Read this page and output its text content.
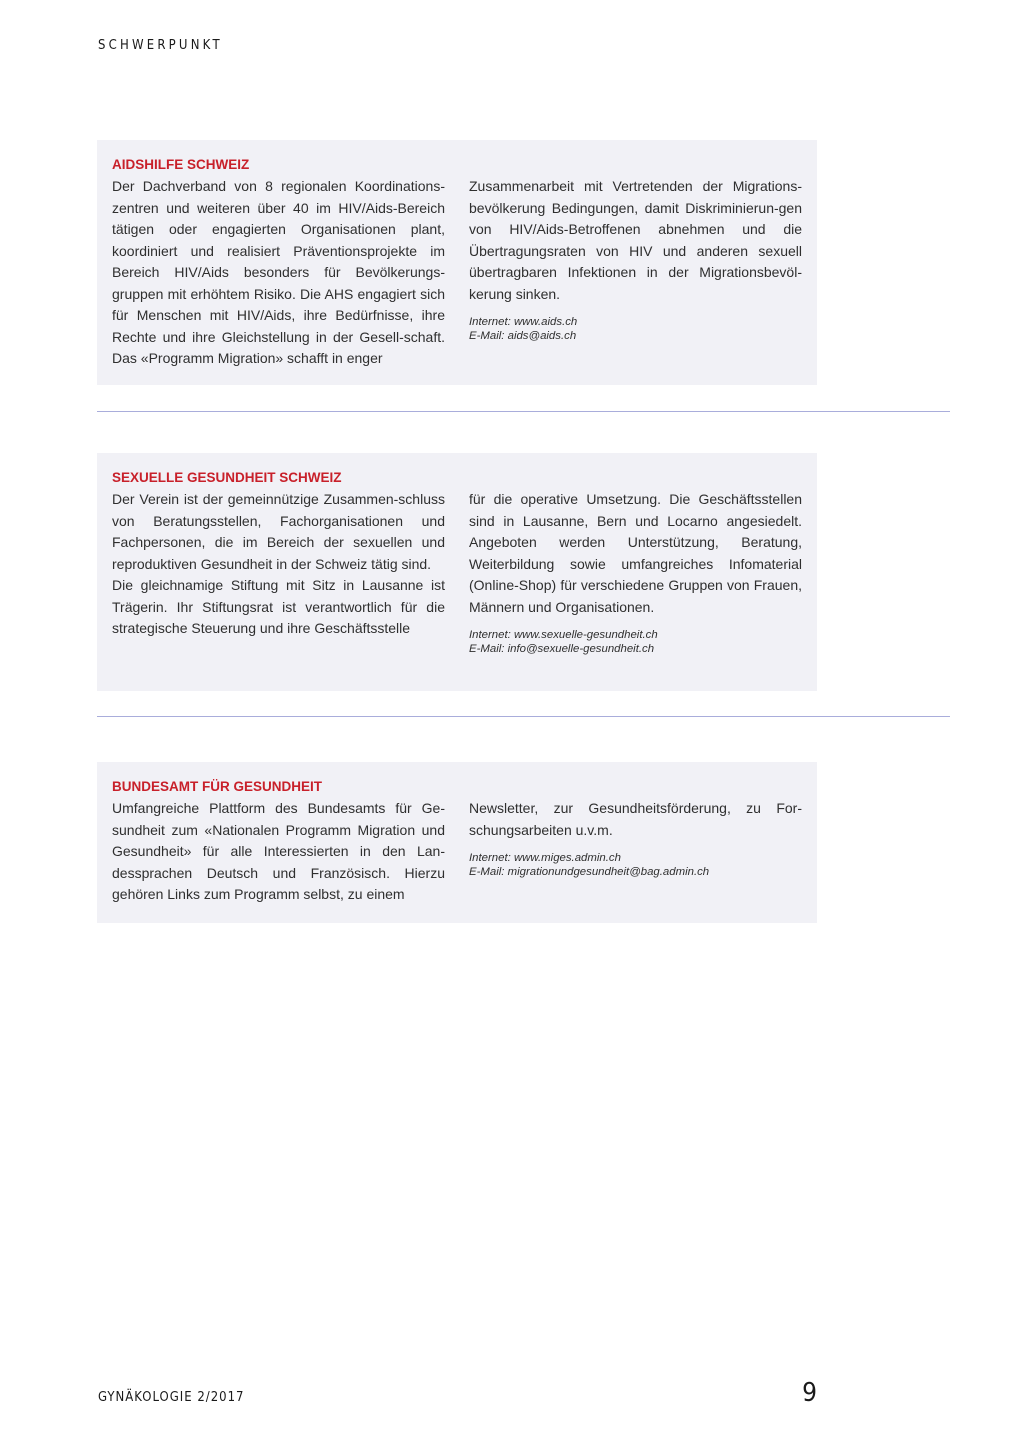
SCHWERPUNKT
AIDSHILFE SCHWEIZ

Der Dachverband von 8 regionalen Koordinations-zentren und weiteren über 40 im HIV/Aids-Bereich tätigen oder engagierten Organisationen plant, koordiniert und realisiert Präventionsprojekte im Bereich HIV/Aids besonders für Bevölkerungs-gruppen mit erhöhtem Risiko. Die AHS engagiert sich für Menschen mit HIV/Aids, ihre Bedürfnisse, ihre Rechte und ihre Gleichstellung in der Gesell-schaft. Das «Programm Migration» schafft in enger

Zusammenarbeit mit Vertretenden der Migrations-bevölkerung Bedingungen, damit Diskriminierun-gen von HIV/Aids-Betroffenen abnehmen und die Übertragungsraten von HIV und anderen sexuell übertragbaren Infektionen in der Migrationsbevöl-kerung sinken.

Internet: www.aids.ch
E-Mail: aids@aids.ch
SEXUELLE GESUNDHEIT SCHWEIZ

Der Verein ist der gemeinnützige Zusammen-schluss von Beratungsstellen, Fachorganisationen und Fachpersonen, die im Bereich der sexuellen und reproduktiven Gesundheit in der Schweiz tätig sind.

Die gleichnamige Stiftung mit Sitz in Lausanne ist Trägerin. Ihr Stiftungsrat ist verantwortlich für die strategische Steuerung und ihre Geschäftsstelle

für die operative Umsetzung. Die Geschäftsstellen sind in Lausanne, Bern und Locarno angesiedelt. Angeboten werden Unterstützung, Beratung, Weiterbildung sowie umfangreiches Infomaterial (Online-Shop) für verschiedene Gruppen von Frauen, Männern und Organisationen.

Internet: www.sexuelle-gesundheit.ch
E-Mail: info@sexuelle-gesundheit.ch
BUNDESAMT FÜR GESUNDHEIT

Umfangreiche Plattform des Bundesamts für Ge-sundheit zum «Nationalen Programm Migration und Gesundheit» für alle Interessierten in den Lan-dessprachen Deutsch und Französisch. Hierzu gehören Links zum Programm selbst, zu einem

Newsletter, zur Gesundheitsförderung, zu For-schungsarbeiten u.v.m.

Internet: www.miges.admin.ch
E-Mail: migrationundgesundheit@bag.admin.ch
GYNÄKOLOGIE 2/2017	9
